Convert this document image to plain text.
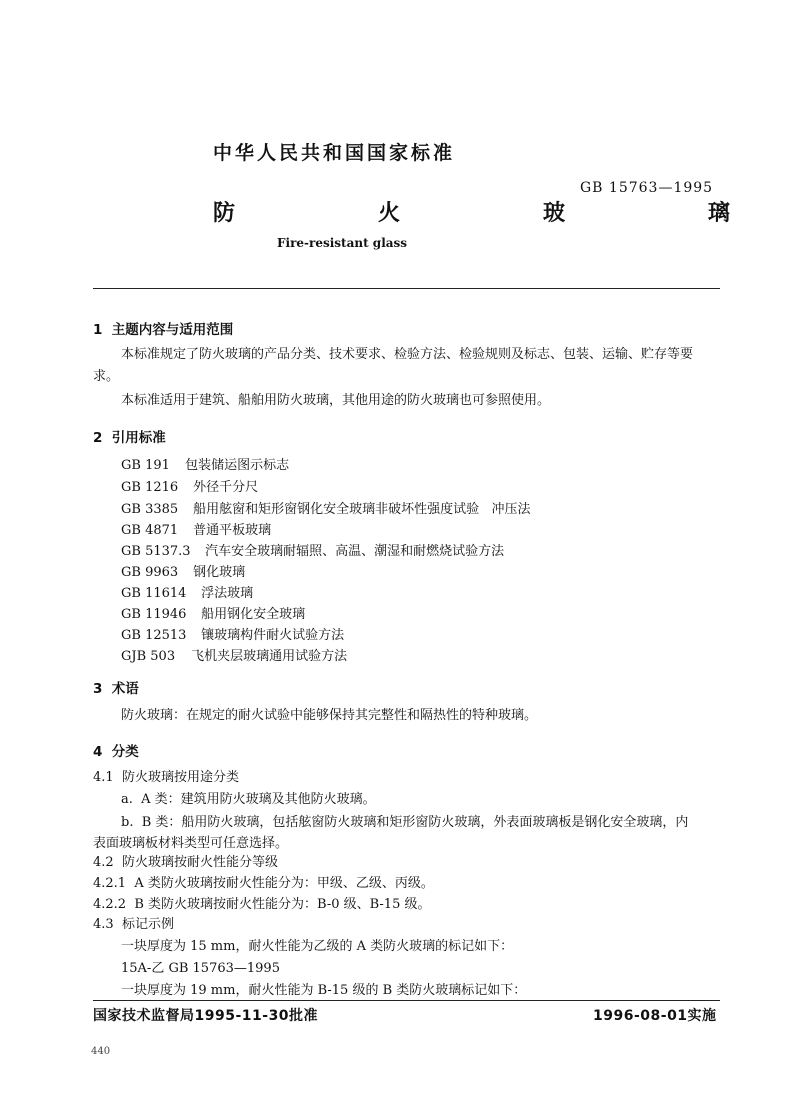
中华人民共和国国家标准
GB 15763—1995
防   火   玻   璃
Fire-resistant glass
1  主题内容与适用范围
本标准规定了防火玻璃的产品分类、技术要求、检验方法、检验规则及标志、包装、运输、贮存等要
求。
本标准适用于建筑、船舶用防火玻璃，其他用途的防火玻璃也可参照使用。
2  引用标准
GB 191 包装储运图示标志
GB 1216 外径千分尺
GB 3385 船用舷窗和矩形窗钢化安全玻璃非破坏性强度试验   冲压法
GB 4871 普通平板玻璃
GB 5137.3 汽车安全玻璃耐辐照、高温、潮湿和耐燃烧试验方法
GB 9963 钢化玻璃
GB 11614 浮法玻璃
GB 11946 船用钢化安全玻璃
GB 12513 镶玻璃构件耐火试验方法
GJB 503 飞机夹层玻璃通用试验方法
3  术语
防火玻璃：在规定的耐火试验中能够保持其完整性和隔热性的特种玻璃。
4  分类
4.1  防火玻璃按用途分类
a.  A 类：建筑用防火玻璃及其他防火玻璃。
b.  B 类：船用防火玻璃，包括舷窗防火玻璃和矩形窗防火玻璃，外表面玻璃板是钢化安全玻璃，内
表面玻璃板材料类型可任意选择。
4.2  防火玻璃按耐火性能分等级
4.2.1  A 类防火玻璃按耐火性能分为：甲级、乙级、丙级。
4.2.2  B 类防火玻璃按耐火性能分为：B-0 级、B-15 级。
4.3  标记示例
一块厚度为 15 mm，耐火性能为乙级的 A 类防火玻璃的标记如下：
15A-乙 GB 15763—1995
一块厚度为 19 mm，耐火性能为 B-15 级的 B 类防火玻璃标记如下：
国家技术监督局1995-11-30批准	1996-08-01实施
440
